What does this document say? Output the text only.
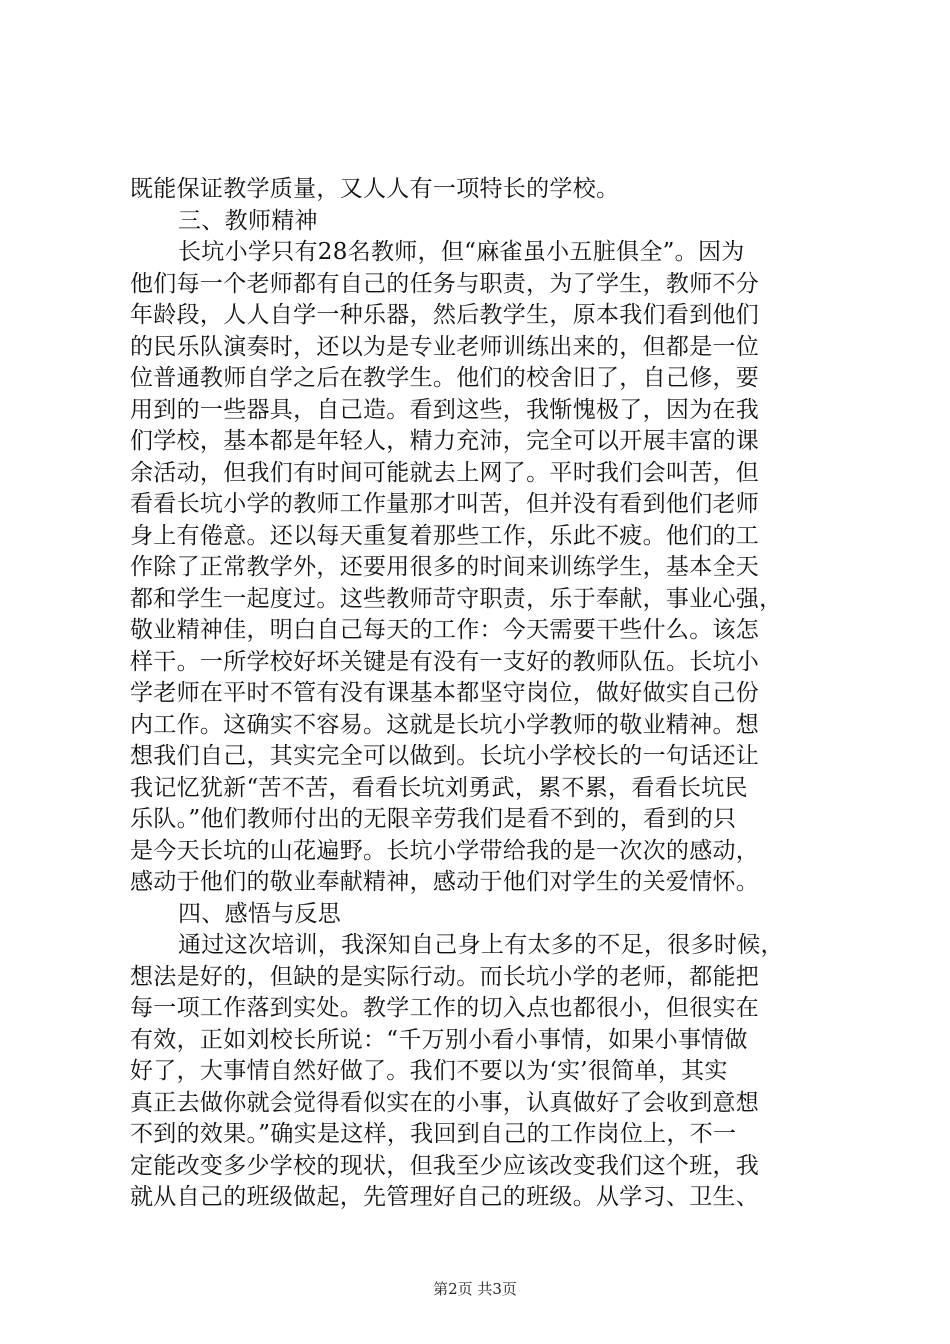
既能保证教学质量，又人人有一项特长的学校。
三、教师精神
长坑小学只有28名教师，但“麻雀虽小五脏俱全”。因为
他们每一个老师都有自己的任务与职责，为了学生，教师不分
年龄段，人人自学一种乐器，然后教学生，原本我们看到他们
的民乐队演奏时，还以为是专业老师训练出来的，但都是一位
位普通教师自学之后在教学生。他们的校舍旧了，自己修，要
用到的一些器具，自己造。看到这些，我惭愧极了，因为在我
们学校，基本都是年轻人，精力充沛，完全可以开展丰富的课
余活动，但我们有时间可能就去上网了。平时我们会叫苦，但
看看长坑小学的教师工作量那才叫苦，但并没有看到他们老师
身上有倦意。还以每天重复着那些工作，乐此不疲。他们的工
作除了正常教学外，还要用很多的时间来训练学生，基本全天
都和学生一起度过。这些教师苛守职责，乐于奉献，事业心强，
敬业精神佳，明白自己每天的工作：今天需要干些什么。该怎
样干。一所学校好坏关键是有没有一支好的教师队伍。长坑小
学老师在平时不管有没有课基本都坚守岗位，做好做实自己份
内工作。这确实不容易。这就是长坑小学教师的敬业精神。想
想我们自己，其实完全可以做到。长坑小学校长的一句话还让
我记忆犹新“苦不苦，看看长坑刘勇武，累不累，看看长坑民
乐队。”他们教师付出的无限辛劳我们是看不到的，看到的只
是今天长坑的山花遍野。长坑小学带给我的是一次次的感动，
感动于他们的敬业奉献精神，感动于他们对学生的关爱情怀。
四、感悟与反思
通过这次培训，我深知自己身上有太多的不足，很多时候，
想法是好的，但缺的是实际行动。而长坑小学的老师，都能把
每一项工作落到实处。教学工作的切入点也都很小，但很实在
有效，正如刘校长所说：“千万别小看小事情，如果小事情做
好了，大事情自然好做了。我们不要以为‘实’很简单，其实
真正去做你就会觉得看似实在的小事，认真做好了会收到意想
不到的效果。”确实是这样，我回到自己的工作岗位上，不一
定能改变多少学校的现状，但我至少应该改变我们这个班，我
就从自己的班级做起，先管理好自己的班级。从学习、卫生、
第2页 共3页
